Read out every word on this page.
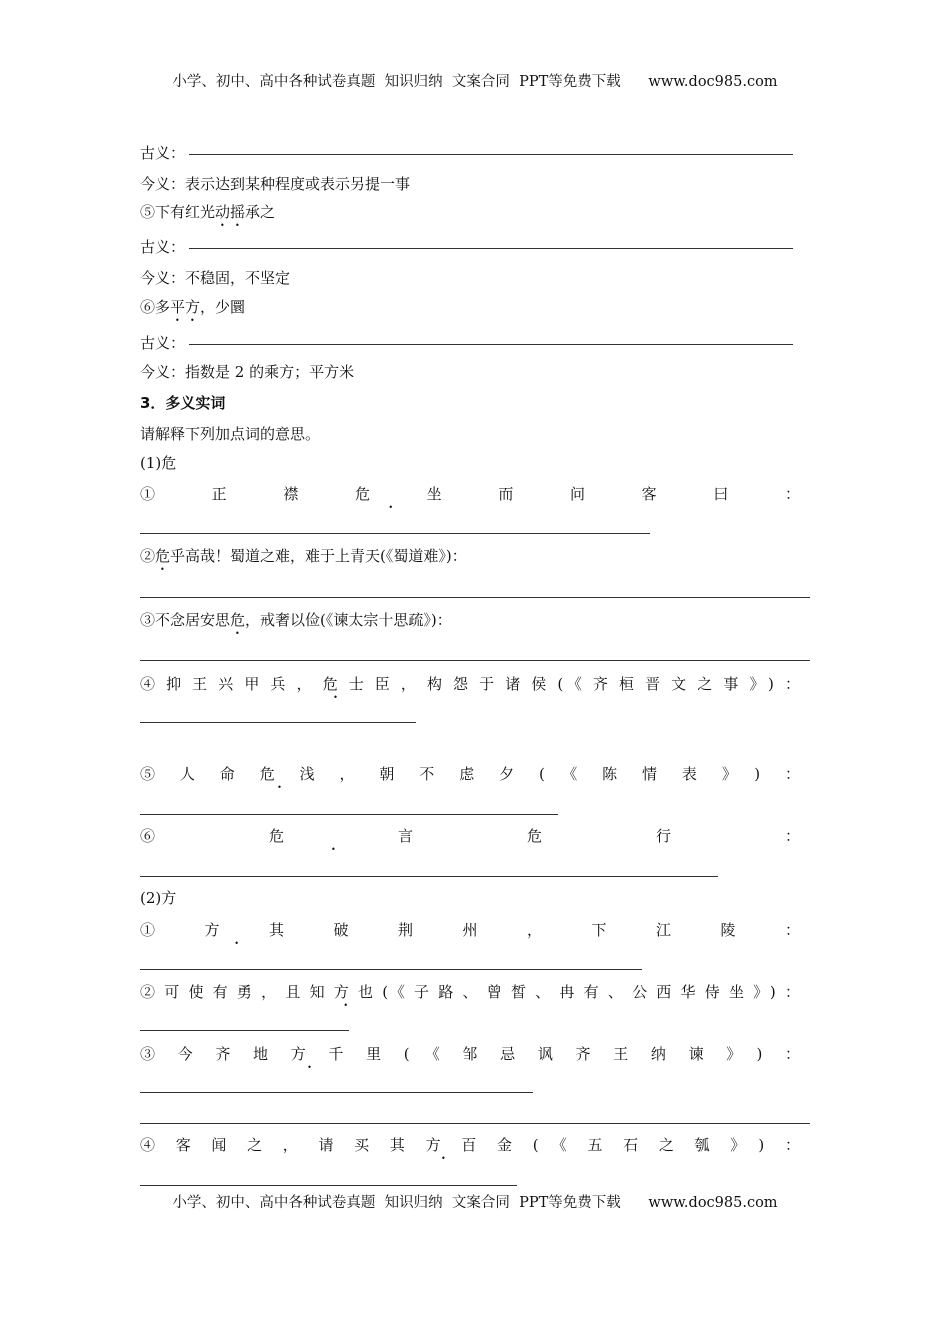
小学、初中、高中各种试卷真题  知识归纳  文案合同  PPT等免费下载      www.doc985.com
古义：
今义：表示达到某种程度或表示另提一事
⑤下有红光动摇承之
古义：
今义：不稳固，不坚定
⑥多平方，少圜
古义：
今义：指数是 2 的乘方；平方米
3．多义实词
请解释下列加点词的意思。
(1)危
①正襟危坐而问客曰：
②危乎高哉！蜀道之难，难于上青天(《蜀道难》)：
③不念居安思危，戒奢以俭(《谏太宗十思疏》)：
④抑王兴甲兵，危士臣，构怨于诸侯(《齐桓晋文之事》)：
⑤人命危浅，朝不虑夕(《陈情表》)：
⑥危言危行：
(2)方
①方其破荆州，下江陵：
②可使有勇，且知方也(《子路、曾皙、冉有、公西华侍坐》)：
③今齐地方千里(《邹忌讽齐王纳谏》)：
④客闻之，请买其方百金(《五石之瓠》)：
小学、初中、高中各种试卷真题  知识归纳  文案合同  PPT等免费下载      www.doc985.com
